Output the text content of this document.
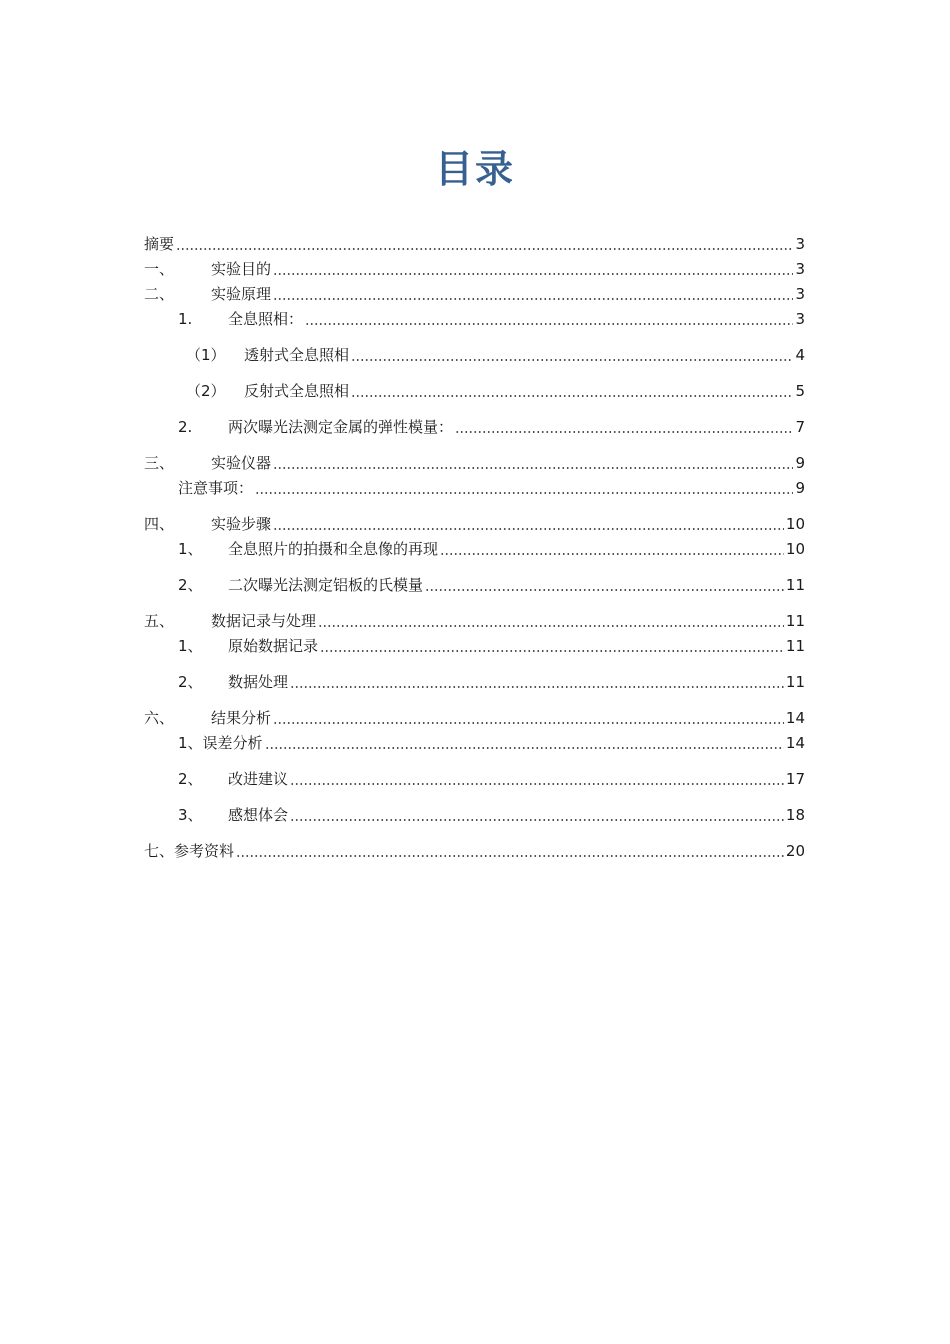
目录
摘要	3
一、	实验目的	3
二、	实验原理	3
1.	全息照相：	3
（1）	透射式全息照相	4
（2）	反射式全息照相	5
2.	两次曝光法测定金属的弹性模量：	7
三、	实验仪器	9
注意事项：	9
四、	实验步骤	10
1、	全息照片的拍摄和全息像的再现	10
2、	二次曝光法测定铝板的氏模量	11
五、	数据记录与处理	11
1、	原始数据记录	11
2、	数据处理	11
六、	结果分析	14
1、误差分析	14
2、	改进建议	17
3、	感想体会	18
七、参考资料	20
